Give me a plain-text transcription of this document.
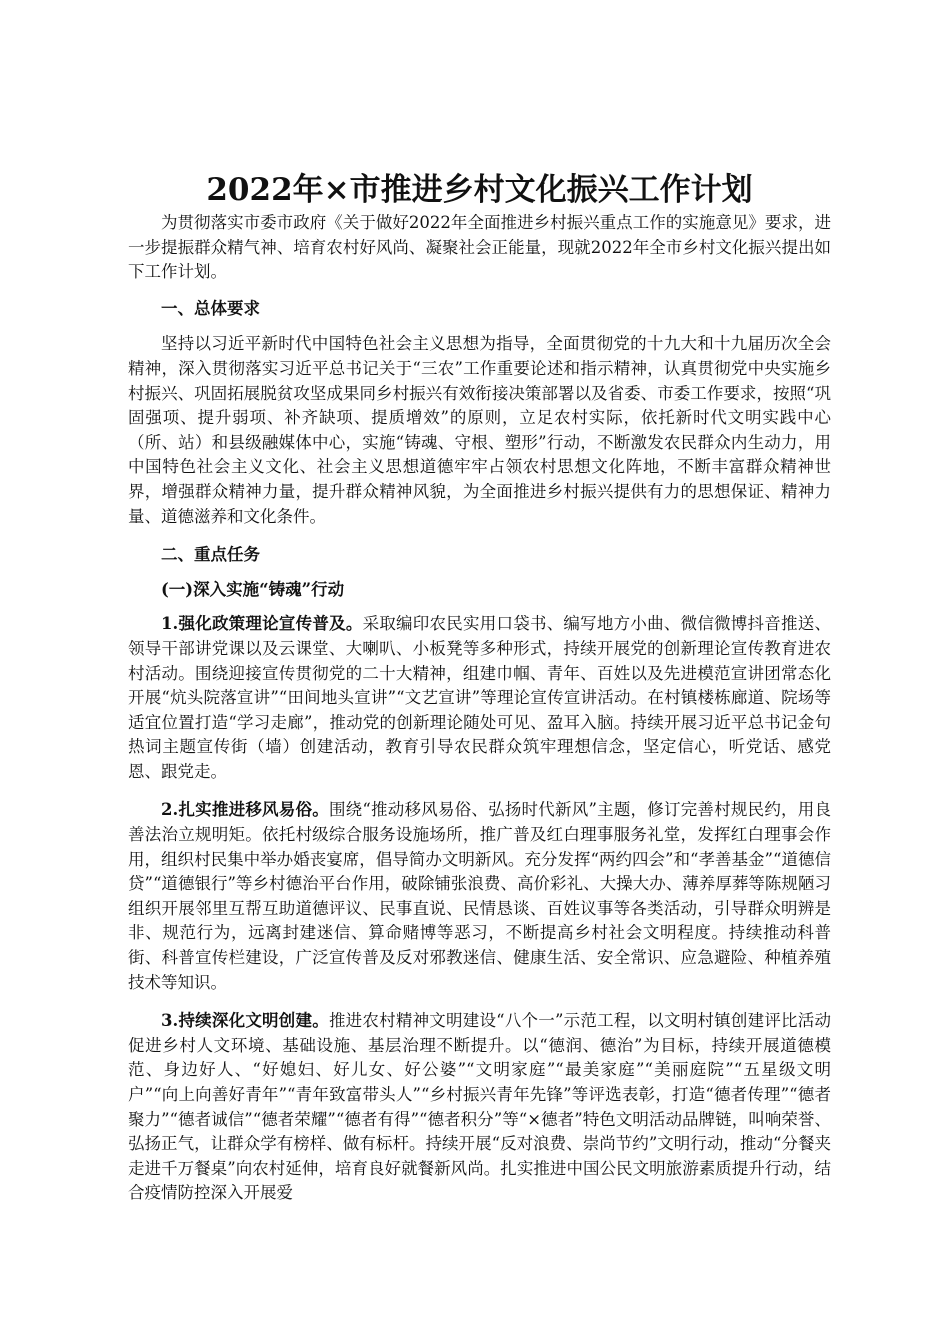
2022年×市推进乡村文化振兴工作计划

为贯彻落实市委市政府《关于做好2022年全面推进乡村振兴重点工作的实施意见》要求，进一步提振群众精气神、培育农村好风尚、凝聚社会正能量，现就2022年全市乡村文化振兴提出如下工作计划。

一、总体要求

坚持以习近平新时代中国特色社会主义思想为指导，全面贯彻党的十九大和十九届历次全会精神，深入贯彻落实习近平总书记关于“三农”工作重要论述和指示精神，认真贯彻党中央实施乡村振兴、巩固拓展脱贫攻坚成果同乡村振兴有效衔接决策部署以及省委、市委工作要求，按照“巩固强项、提升弱项、补齐缺项、提质增效”的原则，立足农村实际，依托新时代文明实践中心（所、站）和县级融媒体中心，实施“铸魂、守根、塑形”行动，不断激发农民群众内生动力，用中国特色社会主义文化、社会主义思想道德牢牢占领农村思想文化阵地，不断丰富群众精神世界，增强群众精神力量，提升群众精神风貌，为全面推进乡村振兴提供有力的思想保证、精神力量、道德滋养和文化条件。

二、重点任务

(一)深入实施“铸魂”行动

1.强化政策理论宣传普及。采取编印农民实用口袋书、编写地方小曲、微信微博抖音推送、领导干部讲党课以及云课堂、大喇叭、小板凳等多种形式，持续开展党的创新理论宣传教育进农村活动。围绕迎接宣传贯彻党的二十大精神，组建巾帼、青年、百姓以及先进模范宣讲团常态化开展“炕头院落宣讲”“田间地头宣讲”“文艺宣讲”等理论宣传宣讲活动。在村镇楼栋廊道、院场等适宜位置打造“学习走廊”，推动党的创新理论随处可见、盈耳入脑。持续开展习近平总书记金句热词主题宣传街（墙）创建活动，教育引导农民群众筑牢理想信念，坚定信心，听党话、感党恩、跟党走。

2.扎实推进移风易俗。围绕“推动移风易俗、弘扬时代新风”主题，修订完善村规民约，用良善法治立规明矩。依托村级综合服务设施场所，推广普及红白理事服务礼堂，发挥红白理事会作用，组织村民集中举办婚丧宴席，倡导简办文明新风。充分发挥“两约四会”和“孝善基金”“道德信贷”“道德银行”等乡村德治平台作用，破除铺张浪费、高价彩礼、大操大办、薄养厚葬等陈规陋习组织开展邻里互帮互助道德评议、民事直说、民情恳谈、百姓议事等各类活动，引导群众明辨是非、规范行为，远离封建迷信、算命赌博等恶习，不断提高乡村社会文明程度。持续推动科普街、科普宣传栏建设，广泛宣传普及反对邪教迷信、健康生活、安全常识、应急避险、种植养殖技术等知识。

3.持续深化文明创建。推进农村精神文明建设“八个一”示范工程，以文明村镇创建评比活动促进乡村人文环境、基础设施、基层治理不断提升。以“德润、德治”为目标，持续开展道德模范、身边好人、“好媳妇、好儿女、好公婆”“文明家庭”“最美家庭”“美丽庭院”“五星级文明户”“向上向善好青年”“青年致富带头人”“乡村振兴青年先锋”等评选表彰，打造“德者传理”“德者聚力”“德者诚信”“德者荣耀”“德者有得”“德者积分”等“×德者”特色文明活动品牌链，叫响荣誉、弘扬正气，让群众学有榜样、做有标杆。持续开展“反对浪费、崇尚节约”文明行动，推动“分餐夹走进千万餐桌”向农村延伸，培育良好就餐新风尚。扎实推进中国公民文明旅游素质提升行动，结合疫情防控深入开展爱
